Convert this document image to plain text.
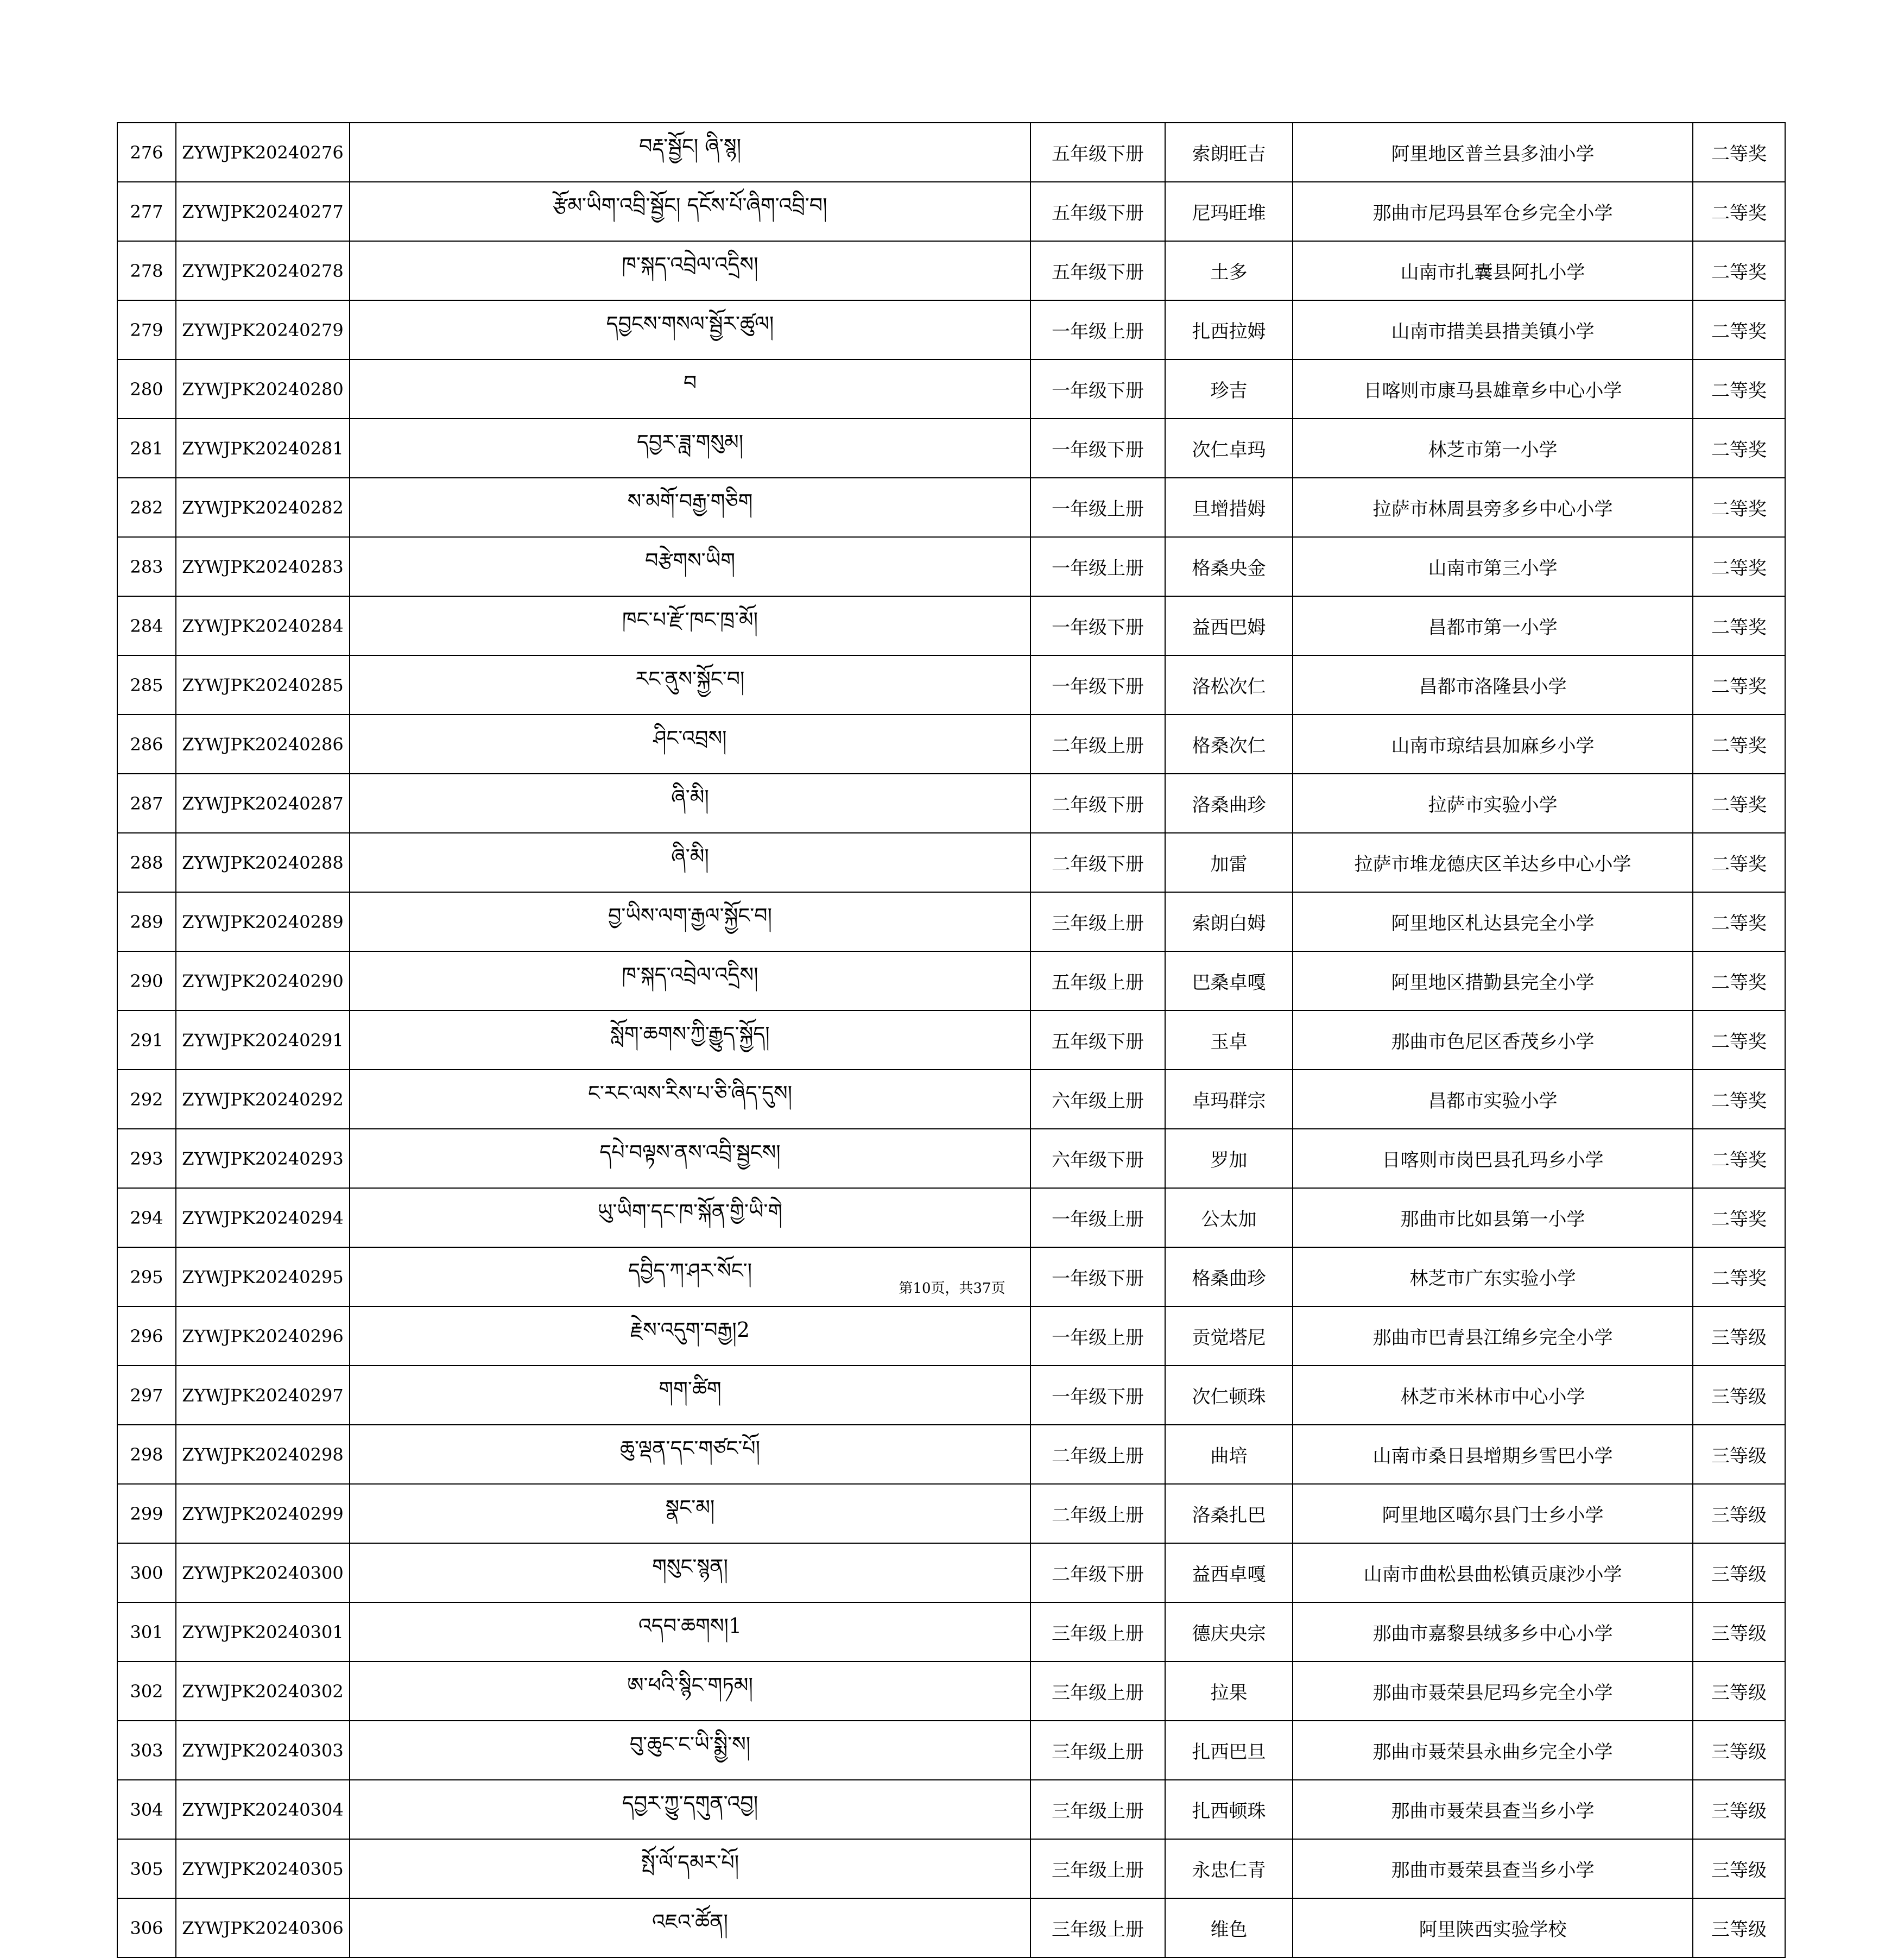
276	ZYWJPK20240276	བརྡ་སྦྱོང། ཞི་སྙ།	五年级下册	索朗旺吉	阿里地区普兰县多油小学	二等奖
277	ZYWJPK20240277	རྩོམ་ཡིག་འབྲི་སྦྱོང། དངོས་པོ་ཞིག་འབྲི་བ།	五年级下册	尼玛旺堆	那曲市尼玛县军仓乡完全小学	二等奖
278	ZYWJPK20240278	ཁ་སྐད་འབྲེལ་འདྲིས།	五年级下册	土多	山南市扎囊县阿扎小学	二等奖
279	ZYWJPK20240279	དབྱངས་གསལ་སྦྱོར་ཚུལ།	一年级上册	扎西拉姆	山南市措美县措美镇小学	二等奖
280	ZYWJPK20240280	བ	一年级下册	珍吉	日喀则市康马县雄章乡中心小学	二等奖
281	ZYWJPK20240281	དབྱར་ཟླ་གསུམ།	一年级下册	次仁卓玛	林芝市第一小学	二等奖
282	ZYWJPK20240282	ས་མགོ་བརྒྱ་གཅིག	一年级上册	旦增措姆	拉萨市林周县旁多乡中心小学	二等奖
283	ZYWJPK20240283	བརྩེགས་ཡིག	一年级上册	格桑央金	山南市第三小学	二等奖
284	ZYWJPK20240284	ཁང་པ་རྫོ་ཁང་ཁྲ་མོ།	一年级下册	益西巴姆	昌都市第一小学	二等奖
285	ZYWJPK20240285	རང་ནུས་སྐྱོང་བ།	一年级下册	洛松次仁	昌都市洛隆县小学	二等奖
286	ZYWJPK20240286	ཤིང་འབྲས།	二年级上册	格桑次仁	山南市琼结县加麻乡小学	二等奖
287	ZYWJPK20240287	ཞི་མི།	二年级下册	洛桑曲珍	拉萨市实验小学	二等奖
288	ZYWJPK20240288	ཞི་མི།	二年级下册	加雷	拉萨市堆龙德庆区羊达乡中心小学	二等奖
289	ZYWJPK20240289	བྱ་ཡིས་ལག་རྒྱལ་སྐྱོང་བ།	三年级上册	索朗白姆	阿里地区札达县完全小学	二等奖
290	ZYWJPK20240290	ཁ་སྐད་འབྲེལ་འདྲིས།	五年级上册	巴桑卓嘎	阿里地区措勤县完全小学	二等奖
291	ZYWJPK20240291	སློག་ཆགས་ཀྱི་རྒྱུད་སྐྱོད།	五年级下册	玉卓	那曲市色尼区香茂乡小学	二等奖
292	ZYWJPK20240292	ང་རང་ལས་རིས་པ་ཅི་ཞིད་དུས།	六年级上册	卓玛群宗	昌都市实验小学	二等奖
293	ZYWJPK20240293	དཔེ་བལྟས་ནས་འབྲི་སྦྱངས།	六年级下册	罗加	日喀则市岗巴县孔玛乡小学	二等奖
294	ZYWJPK20240294	ཡུ་ཡིག་དང་ཁ་སྐོན་གྱི་ཡི་གེ	一年级上册	公太加	那曲市比如县第一小学	二等奖
295	ZYWJPK20240295	དབྱིད་ཀ་ཤར་སོང་།	一年级下册	格桑曲珍	林芝市广东实验小学	二等奖
296	ZYWJPK20240296	རྗེས་འདུག་བརྒྱ།2	一年级上册	贡觉塔尼	那曲市巴青县江绵乡完全小学	三等级
297	ZYWJPK20240297	གག་ཚིག	一年级下册	次仁顿珠	林芝市米林市中心小学	三等级
298	ZYWJPK20240298	ཆུ་ལྡན་དང་གཙང་པོ།	二年级上册	曲培	山南市桑日县增期乡雪巴小学	三等级
299	ZYWJPK20240299	སྣང་མ།	二年级上册	洛桑扎巴	阿里地区噶尔县门士乡小学	三等级
300	ZYWJPK20240300	གསུང་སྙན།	二年级下册	益西卓嘎	山南市曲松县曲松镇贡康沙小学	三等级
301	ZYWJPK20240301	འདབ་ཆགས།1	三年级上册	德庆央宗	那曲市嘉黎县绒多乡中心小学	三等级
302	ZYWJPK20240302	ཨ་ཕའི་སྙིང་གཏམ།	三年级上册	拉果	那曲市聂荣县尼玛乡完全小学	三等级
303	ZYWJPK20240303	བུ་ཆུང་ང་ཡི་སྨྱི་ས།	三年级上册	扎西巴旦	那曲市聂荣县永曲乡完全小学	三等级
304	ZYWJPK20240304	དབྱར་ཀྱུ་དགུན་འབྱ།	三年级上册	扎西顿珠	那曲市聂荣县查当乡小学	三等级
305	ZYWJPK20240305	སྤོ་ལོ་དམར་པོ།	三年级上册	永忠仁青	那曲市聂荣县查当乡小学	三等级
306	ZYWJPK20240306	འཇའ་ཚོན།	三年级上册	维色	阿里陕西实验学校	三等级
第10页，共37页
